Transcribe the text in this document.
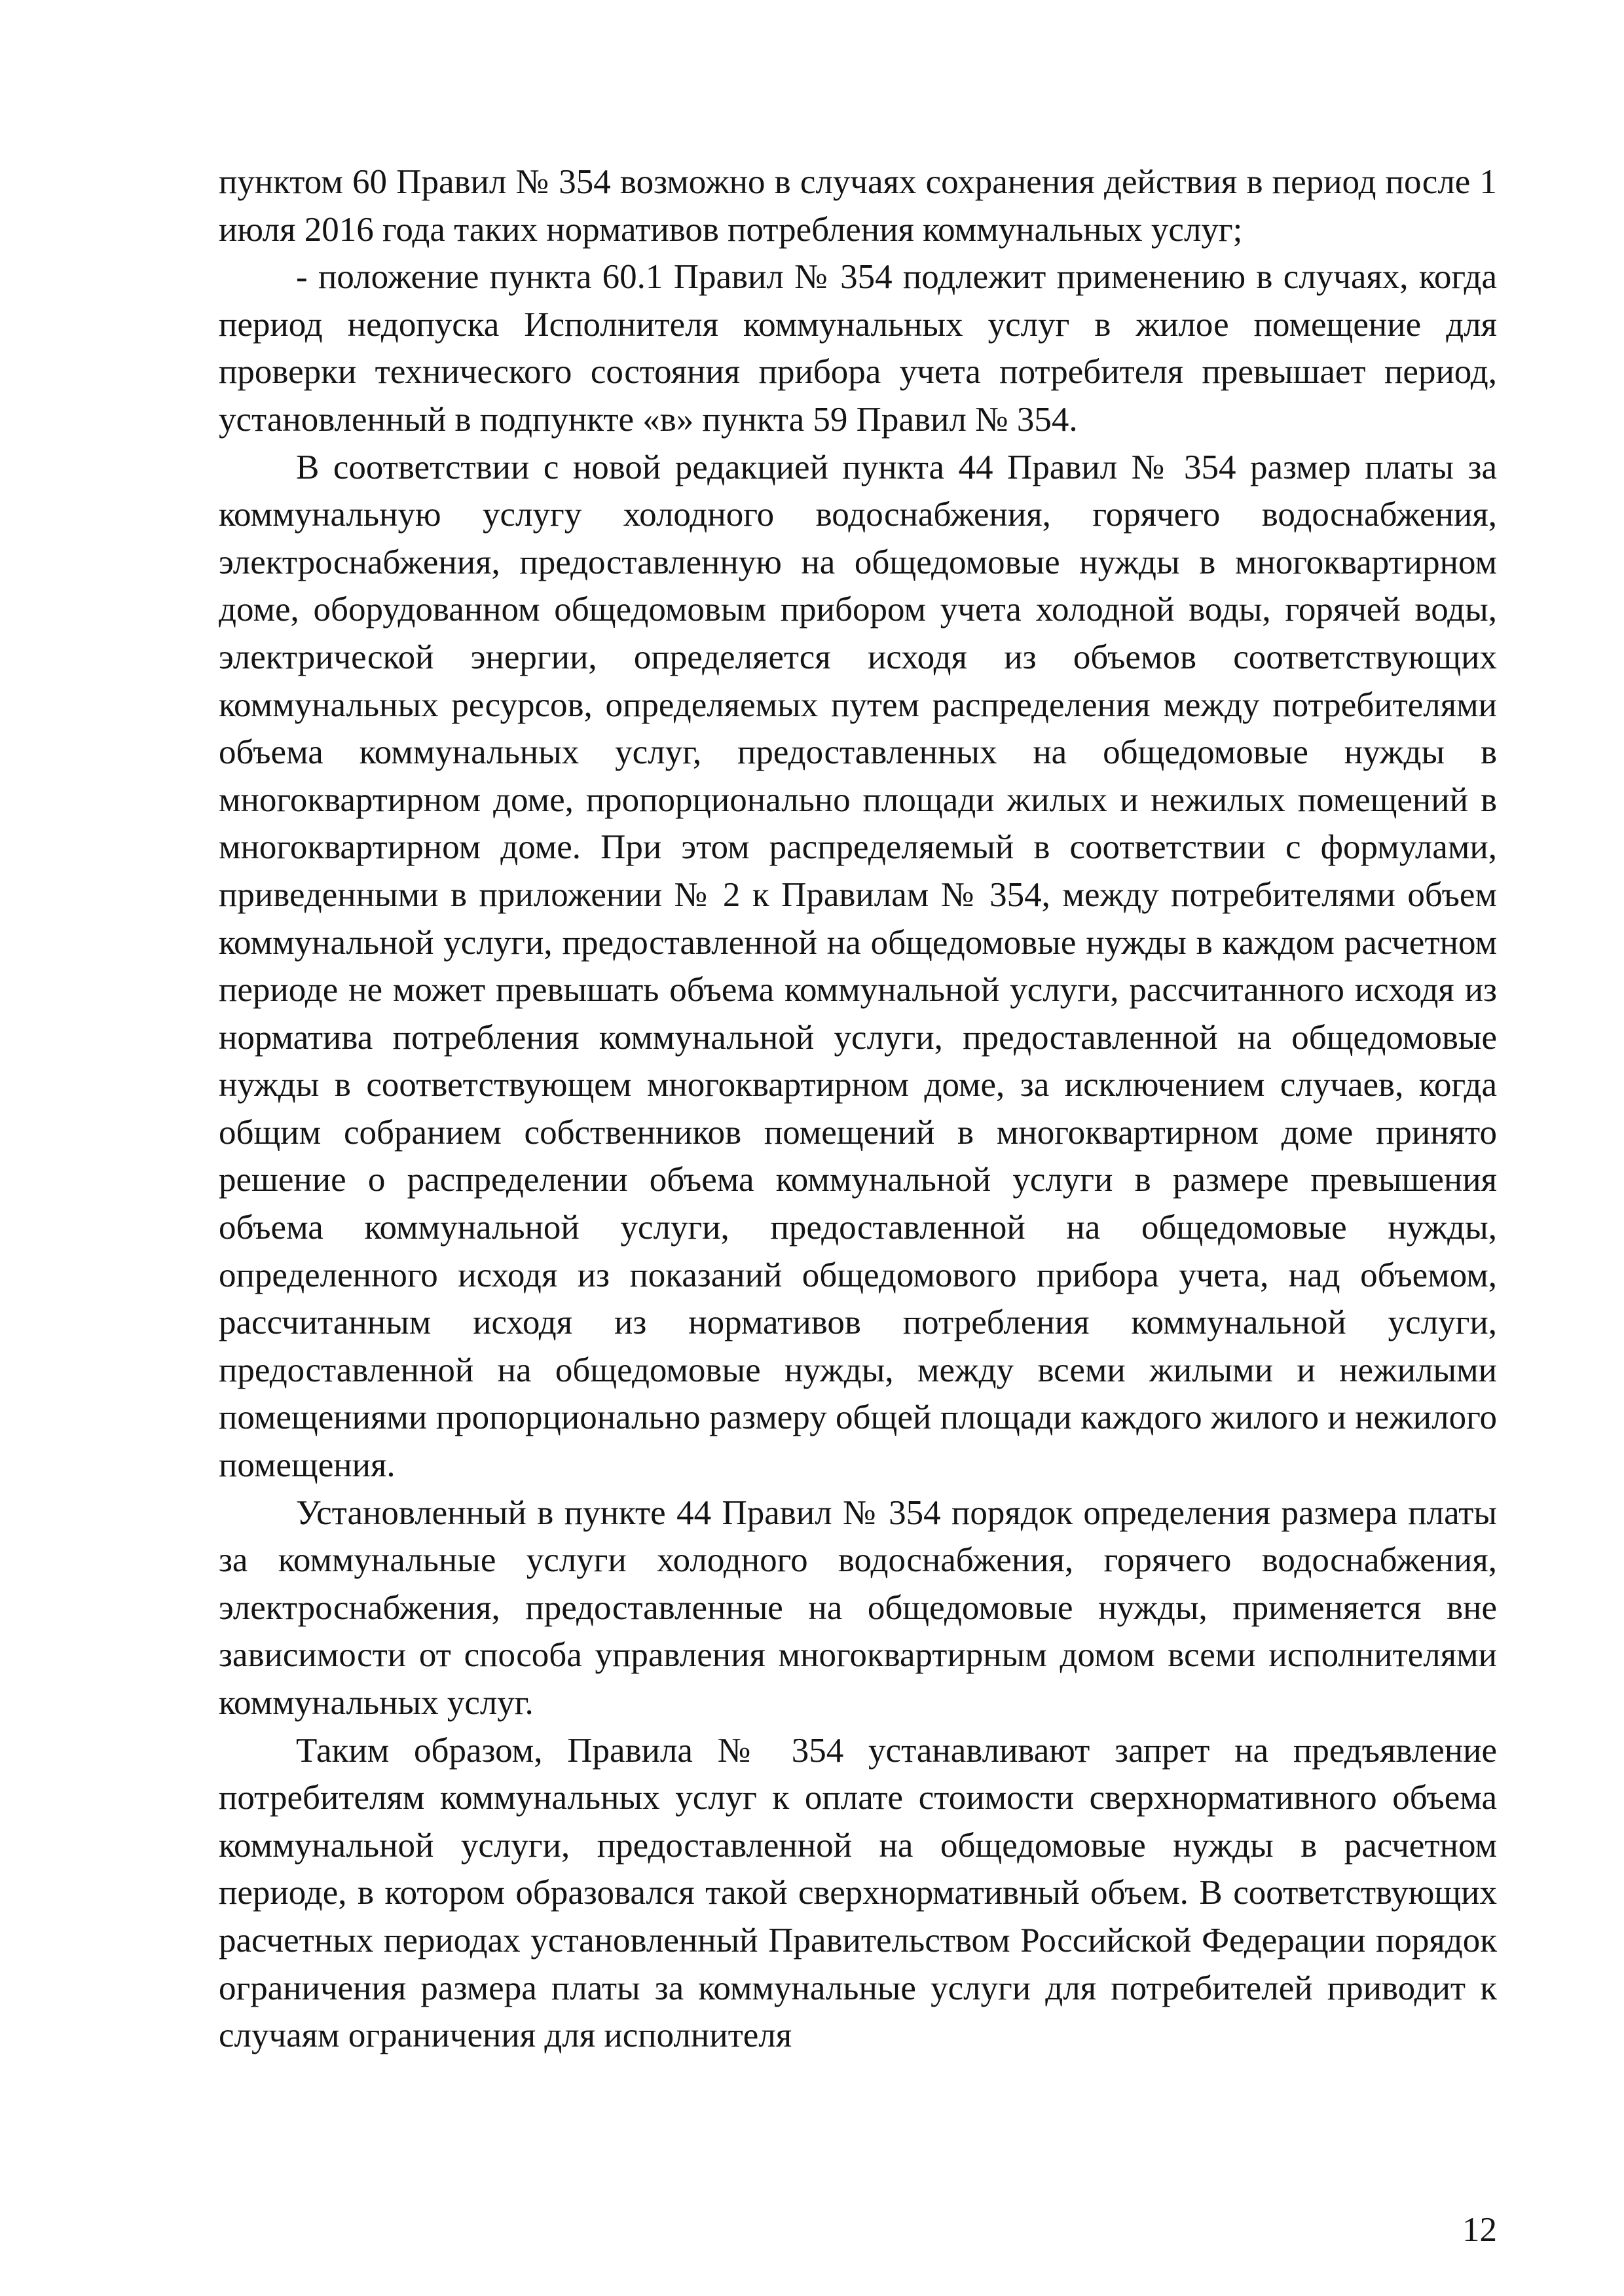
пунктом 60 Правил № 354 возможно в случаях сохранения действия в период после 1 июля 2016 года таких нормативов потребления коммунальных услуг;

- положение пункта 60.1 Правил № 354 подлежит применению в случаях, когда период недопуска Исполнителя коммунальных услуг в жилое помещение для проверки технического состояния прибора учета потребителя превышает период, установленный в подпункте «в» пункта 59 Правил № 354.

В соответствии с новой редакцией пункта 44 Правил № 354 размер платы за коммунальную услугу холодного водоснабжения, горячего водоснабжения, электроснабжения, предоставленную на общедомовые нужды в многоквартирном доме, оборудованном общедомовым прибором учета холодной воды, горячей воды, электрической энергии, определяется исходя из объемов соответствующих коммунальных ресурсов, определяемых путем распределения между потребителями объема коммунальных услуг, предоставленных на общедомовые нужды в многоквартирном доме, пропорционально площади жилых и нежилых помещений в многоквартирном доме. При этом распределяемый в соответствии с формулами, приведенными в приложении № 2 к Правилам № 354, между потребителями объем коммунальной услуги, предоставленной на общедомовые нужды в каждом расчетном периоде не может превышать объема коммунальной услуги, рассчитанного исходя из норматива потребления коммунальной услуги, предоставленной на общедомовые нужды в соответствующем многоквартирном доме, за исключением случаев, когда общим собранием собственников помещений в многоквартирном доме принято решение о распределении объема коммунальной услуги в размере превышения объема коммунальной услуги, предоставленной на общедомовые нужды, определенного исходя из показаний общедомового прибора учета, над объемом, рассчитанным исходя из нормативов потребления коммунальной услуги, предоставленной на общедомовые нужды, между всеми жилыми и нежилыми помещениями пропорционально размеру общей площади каждого жилого и нежилого помещения.

Установленный в пункте 44 Правил № 354 порядок определения размера платы за коммунальные услуги холодного водоснабжения, горячего водоснабжения, электроснабжения, предоставленные на общедомовые нужды, применяется вне зависимости от способа управления многоквартирным домом всеми исполнителями коммунальных услуг.

Таким образом, Правила № 354 устанавливают запрет на предъявление потребителям коммунальных услуг к оплате стоимости сверхнормативного объема коммунальной услуги, предоставленной на общедомовые нужды в расчетном периоде, в котором образовался такой сверхнормативный объем. В соответствующих расчетных периодах установленный Правительством Российской Федерации порядок ограничения размера платы за коммунальные услуги для потребителей приводит к случаям ограничения для исполнителя

12
